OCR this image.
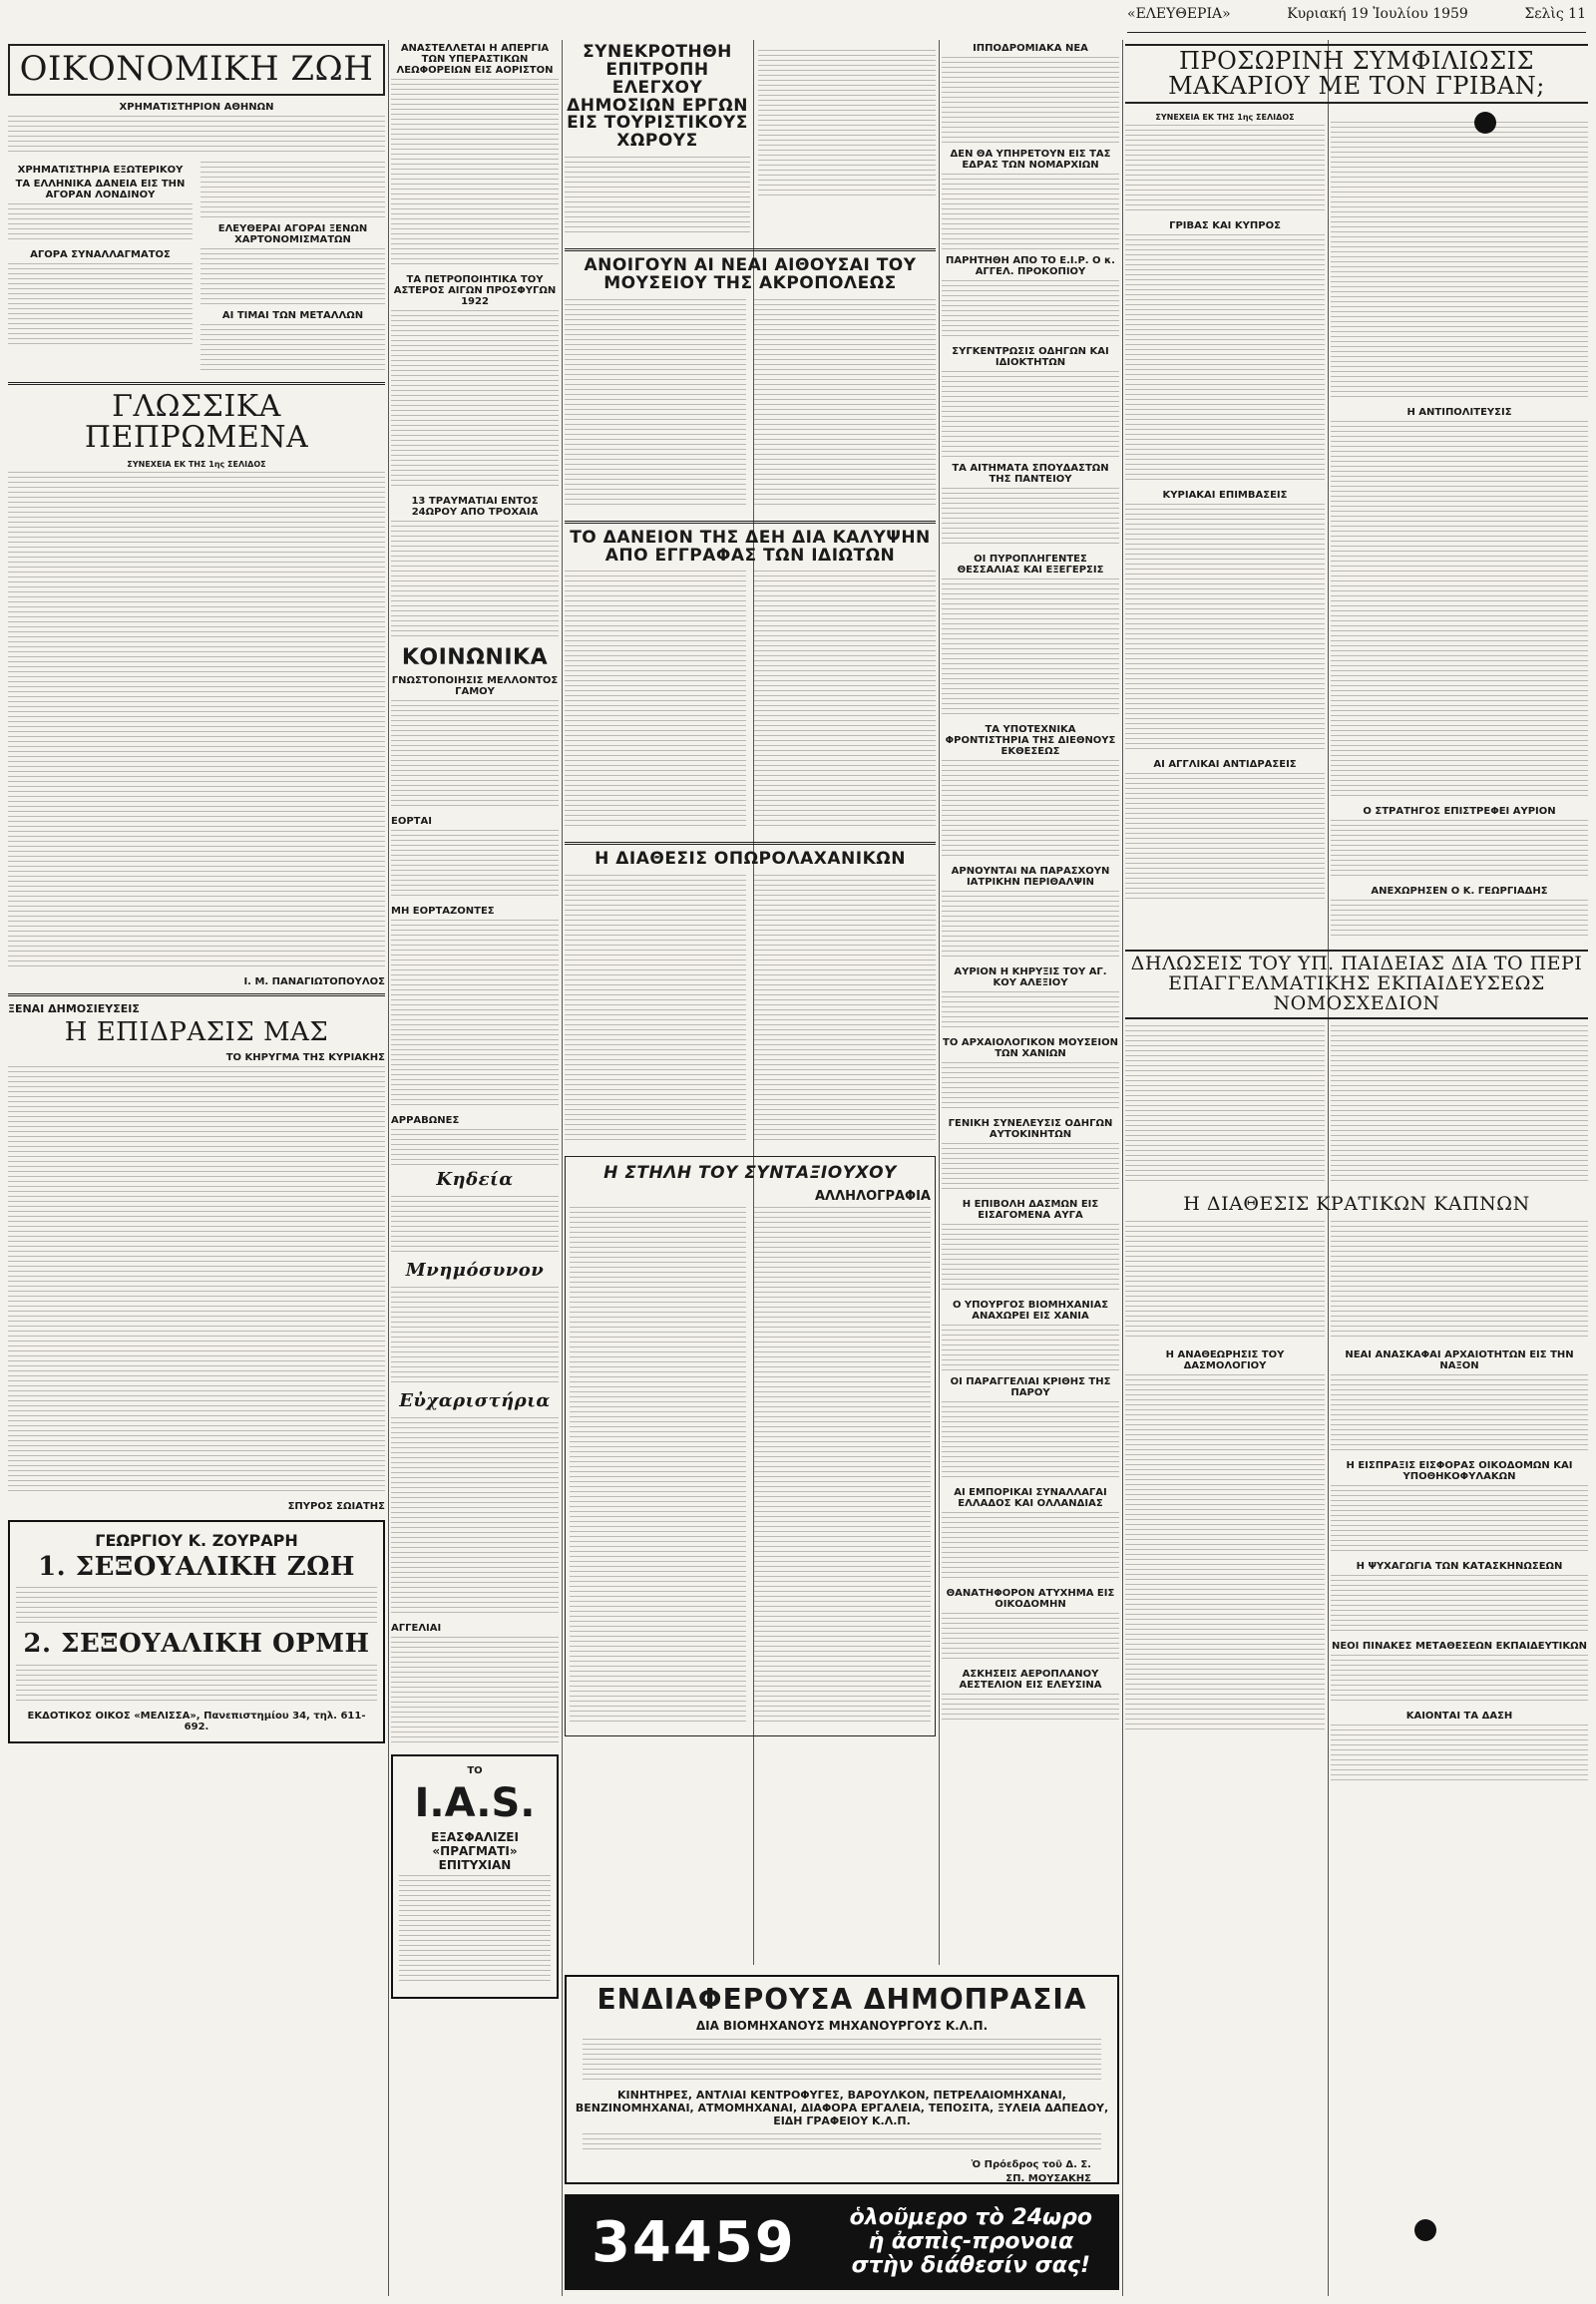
«ΕΛΕΥΘΕΡΙΑ»	Κυριακή 19 Ἰουλίου 1959	Σελὶς 11
ΟΙΚΟΝΟΜΙΚΗ ΖΩΗ
ΧΡΗΜΑΤΙΣΤΗΡΙΟΝ ΑΘΗΝΩΝ
ΧΡΗΜΑΤΙΣΤΗΡΙΑ ΕΞΩΤΕΡΙΚΟΥ
ΤΑ ΕΛΛΗΝΙΚΑ ΔΑΝΕΙΑ ΕΙΣ ΤΗΝ ΑΓΟΡΑΝ ΛΟΝΔΙΝΟΥ
ΑΓΟΡΑ ΣΥΝΑΛΛΑΓΜΑΤΟΣ
ΕΛΕΥΘΕΡΑΙ ΑΓΟΡΑΙ ΞΕΝΩΝ ΧΑΡΤΟΝΟΜΙΣΜΑΤΩΝ
ΑΙ ΤΙΜΑΙ ΤΩΝ ΜΕΤΑΛΛΩΝ
ΓΛΩΣΣΙΚΑ ΠΕΠΡΩΜΕΝΑ
ΣΥΝΕΧΕΙΑ ΕΚ ΤΗΣ 1ης ΣΕΛΙΔΟΣ
I. Μ. ΠΑΝΑΓΙΩΤΟΠΟΥΛΟΣ
ΞΕΝΑΙ ΔΗΜΟΣΙΕΥΣΕΙΣ
Η ΕΠΙΔΡΑΣΙΣ ΜΑΣ
ΤΟ ΚΗΡΥΓΜΑ ΤΗΣ ΚΥΡΙΑΚΗΣ
ΣΠΥΡΟΣ ΣΩΙΑΤΗΣ
ΓΕΩΡΓΙΟΥ Κ. ΖΟΥΡΑΡΗ
1. ΣΕΞΟΥΑΛΙΚΗ ΖΩΗ
2. ΣΕΞΟΥΑΛΙΚΗ ΟΡΜΗ
ΕΚΔΟΤΙΚΟΣ ΟΙΚΟΣ «ΜΕΛΙΣΣΑ», Πανεπιστημίου 34, τηλ. 611-692.
ΑΝΑΣΤΕΛΛΕΤΑΙ Η ΑΠΕΡΓΙΑ ΤΩΝ ΥΠΕΡΑΣΤΙΚΩΝ ΛΕΩΦΟΡΕΙΩΝ ΕΙΣ ΑΟΡΙΣΤΟΝ
ΤΑ ΠΕΤΡΟΠΟΙΗΤΙΚΑ ΤΟΥ ΑΣΤΕΡΟΣ ΑΙΓΩΝ ΠΡΟΣΦΥΓΩΝ 1922
13 ΤΡΑΥΜΑΤΙΑΙ ΕΝΤΟΣ 24ΩΡΟΥ ΑΠΟ ΤΡΟΧΑΙΑ
ΚΟΙΝΩΝΙΚΑ
ΓΝΩΣΤΟΠΟΙΗΣΙΣ ΜΕΛΛΟΝΤΟΣ ΓΑΜΟΥ
ΕΟΡΤΑΙ
ΜΗ ΕΟΡΤΑΖΟΝΤΕΣ
ΑΡΡΑΒΩΝΕΣ
Κηδεία
Μνημόσυνον
Εὐχαριστήρια
ΑΓΓΕΛΙΑΙ
ΤΟ
I.A.S.
ΕΞΑΣΦΑΛΙΖΕΙ «ΠΡΑΓΜΑΤΙ» ΕΠΙΤΥΧΙΑΝ
ΣΥΝΕΚΡΟΤΗΘΗ ΕΠΙΤΡΟΠΗ ΕΛΕΓΧΟΥ ΔΗΜΟΣΙΩΝ ΕΡΓΩΝ ΕΙΣ ΤΟΥΡΙΣΤΙΚΟΥΣ ΧΩΡΟΥΣ
ΑΝΟΙΓΟΥΝ ΑΙ ΝΕΑΙ ΑΙΘΟΥΣΑΙ ΤΟΥ ΜΟΥΣΕΙΟΥ ΤΗΣ ΑΚΡΟΠΟΛΕΩΣ
ΤΟ ΔΑΝΕΙΟΝ ΤΗΣ ΔΕΗ ΔΙΑ ΚΑΛΥΨΗΝ ΑΠΟ ΕΓΓΡΑΦΑΣ ΤΩΝ ΙΔΙΩΤΩΝ
Η ΔΙΑΘΕΣΙΣ ΟΠΩΡΟΛΑΧΑΝΙΚΩΝ
Η ΣΤΗΛΗ ΤΟΥ ΣΥΝΤΑΞΙΟΥΧΟΥ
ΑΛΛΗΛΟΓΡΑΦΙΑ
ΙΠΠΟΔΡΟΜΙΑΚΑ ΝΕΑ
ΔΕΝ ΘΑ ΥΠΗΡΕΤΟΥΝ ΕΙΣ ΤΑΣ ΕΔΡΑΣ ΤΩΝ ΝΟΜΑΡΧΙΩΝ
ΠΑΡΗΤΗΘΗ ΑΠΟ ΤΟ Ε.Ι.Ρ. Ο κ. ΑΓΓΕΛ. ΠΡΟΚΟΠΙΟΥ
ΣΥΓΚΕΝΤΡΩΣΙΣ ΟΔΗΓΩΝ ΚΑΙ ΙΔΙΟΚΤΗΤΩΝ
ΤΑ ΑΙΤΗΜΑΤΑ ΣΠΟΥΔΑΣΤΩΝ ΤΗΣ ΠΑΝΤΕΙΟΥ
ΟΙ ΠΥΡΟΠΛΗΓΕΝΤΕΣ ΘΕΣΣΑΛΙΑΣ ΚΑΙ ΕΞΕΓΕΡΣΙΣ
ΤΑ ΥΠΟΤΕΧΝΙΚΑ ΦΡΟΝΤΙΣΤΗΡΙΑ ΤΗΣ ΔΙΕΘΝΟΥΣ ΕΚΘΕΣΕΩΣ
ΑΡΝΟΥΝΤΑΙ ΝΑ ΠΑΡΑΣΧΟΥΝ ΙΑΤΡΙΚΗΝ ΠΕΡΙΘΑΛΨΙΝ
ΑΥΡΙΟΝ Η ΚΗΡΥΞΙΣ ΤΟΥ ΑΓ. ΚΟΥ ΑΛΕΞΙΟΥ
ΤΟ ΑΡΧΑΙΟΛΟΓΙΚΟΝ ΜΟΥΣΕΙΟΝ ΤΩΝ ΧΑΝΙΩΝ
ΓΕΝΙΚΗ ΣΥΝΕΛΕΥΣΙΣ ΟΔΗΓΩΝ ΑΥΤΟΚΙΝΗΤΩΝ
Η ΕΠΙΒΟΛΗ ΔΑΣΜΩΝ ΕΙΣ ΕΙΣΑΓΟΜΕΝΑ ΑΥΓΑ
Ο ΥΠΟΥΡΓΟΣ ΒΙΟΜΗΧΑΝΙΑΣ ΑΝΑΧΩΡΕΙ ΕΙΣ ΧΑΝΙΑ
ΟΙ ΠΑΡΑΓΓΕΛΙΑΙ ΚΡΙΘΗΣ ΤΗΣ ΠΑΡΟΥ
ΑΙ ΕΜΠΟΡΙΚΑΙ ΣΥΝΑΛΛΑΓΑΙ ΕΛΛΑΔΟΣ ΚΑΙ ΟΛΛΑΝΔΙΑΣ
ΘΑΝΑΤΗΦΟΡΟΝ ΑΤΥΧΗΜΑ ΕΙΣ ΟΙΚΟΔΟΜΗΝ
ΑΣΚΗΣΕΙΣ ΑΕΡΟΠΛΑΝΟΥ ΑΕΣΤΕΛΙΟΝ ΕΙΣ ΕΛΕΥΣΙΝΑ
ΠΡΟΣΩΡΙΝΗ ΣΥΜΦΙΛΙΩΣΙΣ ΜΑΚΑΡΙΟΥ ΜΕ ΤΟΝ ΓΡΙΒΑΝ;
ΣΥΝΕΧΕΙΑ ΕΚ ΤΗΣ 1ης ΣΕΛΙΔΟΣ
ΓΡΙΒΑΣ ΚΑΙ ΚΥΠΡΟΣ
ΚΥΡΙΑΚΑΙ ΕΠΙΜΒΑΣΕΙΣ
ΑΙ ΑΓΓΛΙΚΑΙ ΑΝΤΙΔΡΑΣΕΙΣ
Η ΑΝΤΙΠΟΛΙΤΕΥΣΙΣ
Ο ΣΤΡΑΤΗΓΟΣ ΕΠΙΣΤΡΕΦΕΙ ΑΥΡΙΟΝ
ΑΝΕΧΩΡΗΣΕΝ Ο Κ. ΓΕΩΡΓΙΑΔΗΣ
ΔΗΛΩΣΕΙΣ ΤΟΥ ΥΠ. ΠΑΙΔΕΙΑΣ ΔΙΑ ΤΟ ΠΕΡΙ ΕΠΑΓΓΕΛΜΑΤΙΚΗΣ ΕΚΠΑΙΔΕΥΣΕΩΣ ΝΟΜΟΣΧΕΔΙΟΝ
Η ΔΙΑΘΕΣΙΣ ΚΡΑΤΙΚΩΝ ΚΑΠΝΩΝ
Η ΑΝΑΘΕΩΡΗΣΙΣ ΤΟΥ ΔΑΣΜΟΛΟΓΙΟΥ
ΝΕΑΙ ΑΝΑΣΚΑΦΑΙ ΑΡΧΑΙΟΤΗΤΩΝ ΕΙΣ ΤΗΝ ΝΑΞΟΝ
Η ΕΙΣΠΡΑΞΙΣ ΕΙΣΦΟΡΑΣ ΟΙΚΟΔΟΜΩΝ ΚΑΙ ΥΠΟΘΗΚΟΦΥΛΑΚΩΝ
Η ΨΥΧΑΓΩΓΙΑ ΤΩΝ ΚΑΤΑΣΚΗΝΩΣΕΩΝ
ΝΕΟΙ ΠΙΝΑΚΕΣ ΜΕΤΑΘΕΣΕΩΝ ΕΚΠΑΙΔΕΥΤΙΚΩΝ
ΚΑΙΟΝΤΑΙ ΤΑ ΔΑΣΗ
ΕΝΔΙΑΦΕΡΟΥΣΑ ΔΗΜΟΠΡΑΣΙΑ
ΔΙΑ ΒΙΟΜΗΧΑΝΟΥΣ ΜΗΧΑΝΟΥΡΓΟΥΣ Κ.Λ.Π.
ΚΙΝΗΤΗΡΕΣ, ΑΝΤΛΙΑΙ ΚΕΝΤΡΟΦΥΓΕΣ, ΒΑΡΟΥΛΚΟΝ, ΠΕΤΡΕΛΑΙΟΜΗΧΑΝΑΙ, ΒΕΝΖΙΝΟΜΗΧΑΝΑΙ, ΑΤΜΟΜΗΧΑΝΑΙ, ΔΙΑΦΟΡΑ ΕΡΓΑΛΕΙΑ, ΤΕΠΟΣΙΤΑ, ΞΥΛΕΙΑ ΔΑΠΕΔΟΥ, ΕΙΔΗ ΓΡΑΦΕΙΟΥ Κ.Λ.Π.
Ὁ Πρόεδρος τοῦ Δ. Σ.
ΣΠ. ΜΟΥΣΑΚΗΣ
34459 ὁλοῦμερο τὸ 24ωρο
ἡ ἀσπὶς-προνοια
στὴν διάθεσίν σας!
